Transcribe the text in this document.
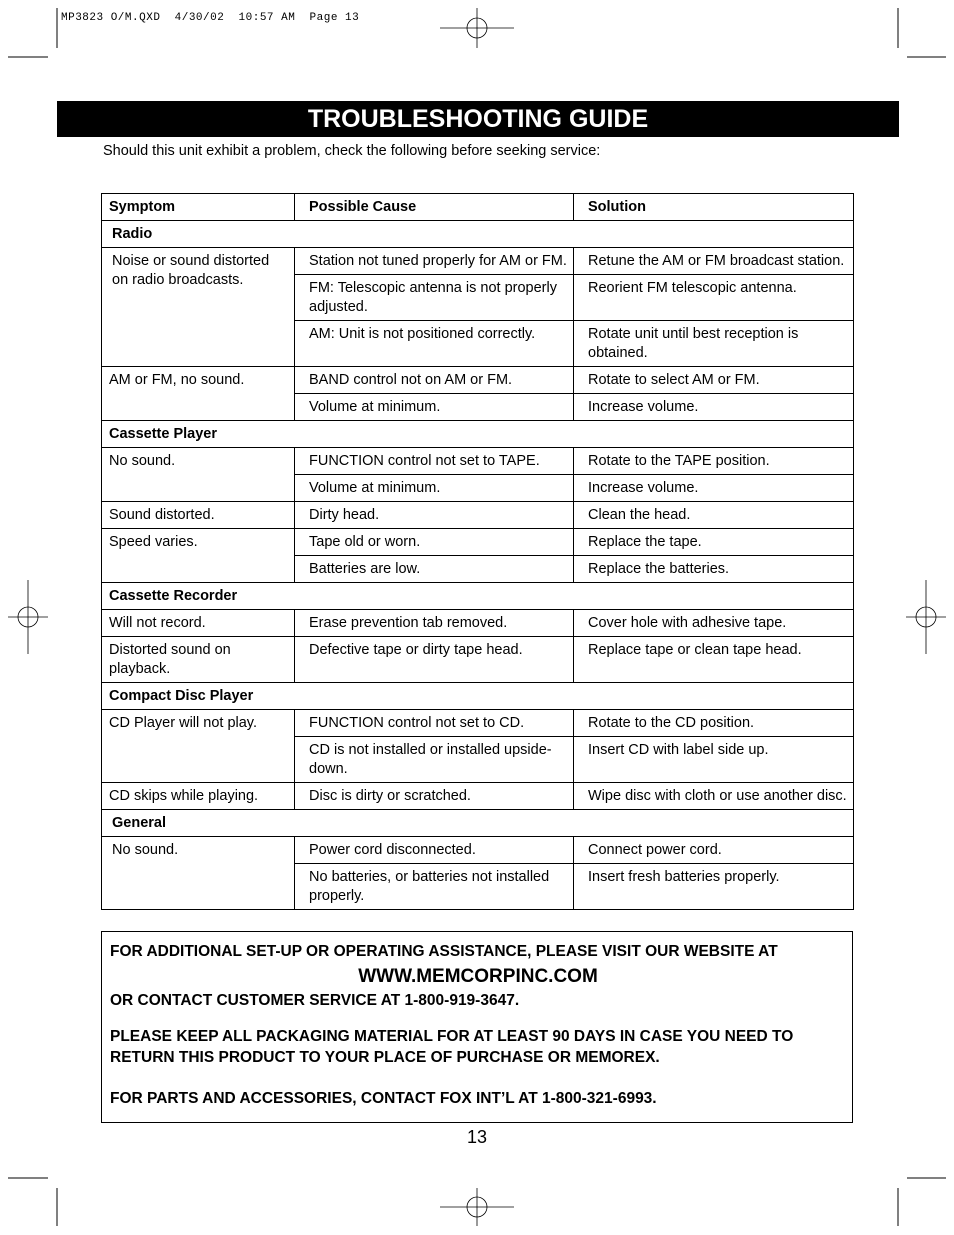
MP3823 O/M.QXD  4/30/02  10:57 AM  Page 13
TROUBLESHOOTING GUIDE
Should this unit exhibit a problem, check the following before seeking service:
Symptom	Possible Cause	Solution
Radio		
Noise or sound distorted on radio broadcasts.	Station not tuned properly for AM or FM.	Retune the AM or FM broadcast station.
	FM: Telescopic antenna is not properly adjusted.	Reorient FM telescopic antenna.
	AM: Unit is not positioned correctly.	Rotate unit until best reception is obtained.
AM or FM, no sound.	BAND control not on AM or FM.	Rotate to select AM or FM.
	Volume at minimum.	Increase volume.
Cassette Player		
No sound.	FUNCTION control not set to TAPE.	Rotate to the TAPE position.
	Volume at minimum.	Increase volume.
Sound distorted.	Dirty head.	Clean the head.
Speed varies.	Tape old or worn.	Replace the tape.
	Batteries are low.	Replace the batteries.
Cassette Recorder		
Will not record.	Erase prevention tab removed.	Cover hole with adhesive tape.
Distorted sound on playback.	Defective tape or dirty tape head.	Replace tape or clean tape head.
Compact Disc Player		
CD Player will not play.	FUNCTION control not set to CD.	Rotate to the CD position.
	CD is not installed or installed upside-down.	Insert CD with label side up.
CD skips while playing.	Disc is dirty or scratched.	Wipe disc with cloth or use another disc.
General		
No sound.	Power cord disconnected.	Connect power cord.
	No batteries, or batteries not installed properly.	Insert fresh batteries properly.

FOR ADDITIONAL SET-UP OR OPERATING ASSISTANCE, PLEASE VISIT OUR WEBSITE AT

WWW.MEMCORPINC.COM

OR CONTACT CUSTOMER SERVICE AT 1-800-919-3647.

PLEASE KEEP ALL PACKAGING MATERIAL FOR AT LEAST 90 DAYS IN CASE YOU NEED TO RETURN THIS PRODUCT TO YOUR PLACE OF PURCHASE OR MEMOREX.

FOR PARTS AND ACCESSORIES, CONTACT FOX INT’L AT 1-800-321-6993.

13
